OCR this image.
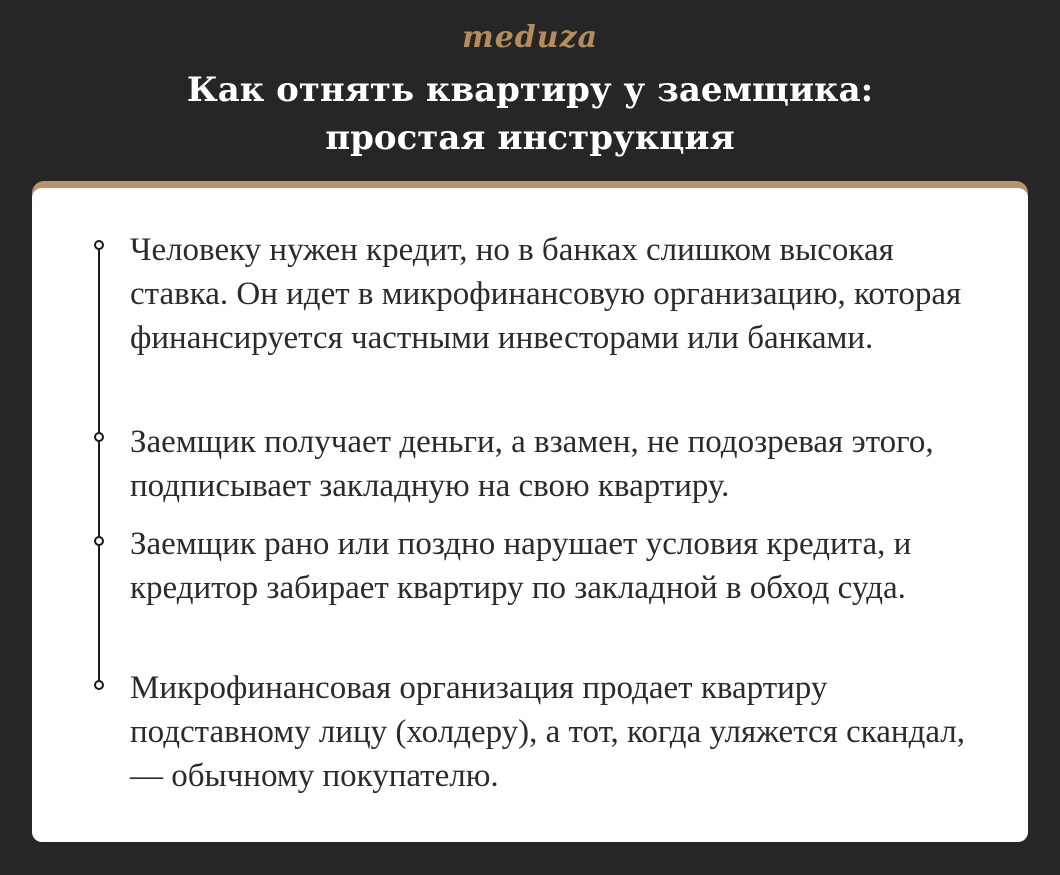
meduza
Как отнять квартиру у заемщика:
простая инструкция
Человеку нужен кредит, но в банках слишком высокая ставка. Он идет в микрофинансовую организацию, которая финансируется частными инвесторами или банками.
Заемщик получает деньги, а взамен, не подозревая этого, подписывает закладную на свою квартиру.
Заемщик рано или поздно нарушает условия кредита, и кредитор забирает квартиру по закладной в обход суда.
Микрофинансовая организация продает квартиру подставному лицу (холдеру), а тот, когда уляжется скандал, — обычному покупателю.
